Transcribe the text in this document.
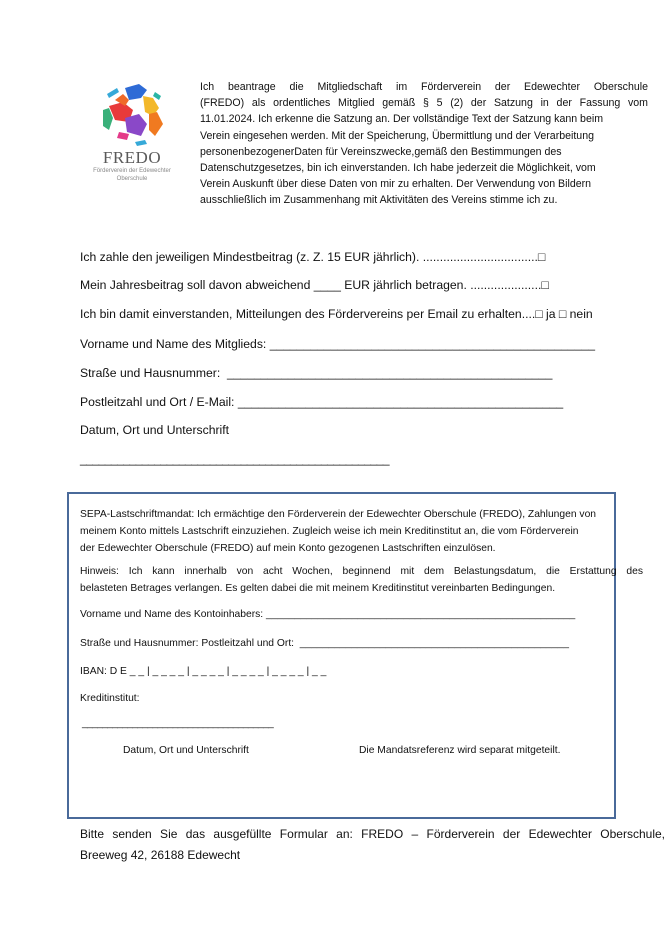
FREDO
Förderverein der Edewechter
Oberschule

Ich beantrage die Mitgliedschaft im Förderverein der Edewechter Oberschule

(FREDO) als ordentliches Mitglied gemäß § 5 (2) der Satzung in der Fassung vom

11.01.2024. Ich erkenne die Satzung an. Der vollständige Text der Satzung kann beim

Verein eingesehen werden. Mit der Speicherung, Übermittlung und der Verarbeitung

personenbezogenerDaten für Vereinszwecke,gemäß den Bestimmungen des

Datenschutzgesetzes, bin ich einverstanden. Ich habe jederzeit die Möglichkeit, vom

Verein Auskunft über diese Daten von mir zu erhalten. Der Verwendung von Bildern

ausschließlich im Zusammenhang mit Aktivitäten des Vereins stimme ich zu.

Ich zahle den jeweiligen Mindestbeitrag (z. Z. 15 EUR jährlich). ..................................□
Mein Jahresbeitrag soll davon abweichend ____ EUR jährlich betragen. .....................□
Ich bin damit einverstanden, Mitteilungen des Fördervereins per Email zu erhalten....□ ja □ nein
Vorname und Name des Mitglieds: ________________________________________________
Straße und Hausnummer: ________________________________________________
Postleitzahl und Ort / E-Mail: ________________________________________________
Datum, Ort und Unterschrift
__________________________________________________
SEPA-Lastschriftmandat: Ich ermächtige den Förderverein der Edewechter Oberschule (FREDO), Zahlungen von
meinem Konto mittels Lastschrift einzuziehen. Zugleich weise ich mein Kreditinstitut an, die vom Förderverein
der Edewechter Oberschule (FREDO) auf mein Konto gezogenen Lastschriften einzulösen.
Hinweis: Ich kann innerhalb von acht Wochen, beginnend mit dem Belastungsdatum, die Erstattung des
belasteten Betrages verlangen. Es gelten dabei die mit meinem Kreditinstitut vereinbarten Bedingungen.
Vorname und Name des Kontoinhabers: ______________________________________________________
Straße und Hausnummer: Postleitzahl und Ort: _______________________________________________
IBAN: D E _ _ | _ _ _ _ | _ _ _ _ | _ _ _ _ | _ _ _ _ | _ _
Kreditinstitut:
______________________________________
Datum, Ort und Unterschrift	Die Mandatsreferenz wird separat mitgeteilt.
Bitte senden Sie das ausgefüllte Formular an: FREDO – Förderverein der Edewechter Oberschule,
Breeweg 42, 26188 Edewecht
